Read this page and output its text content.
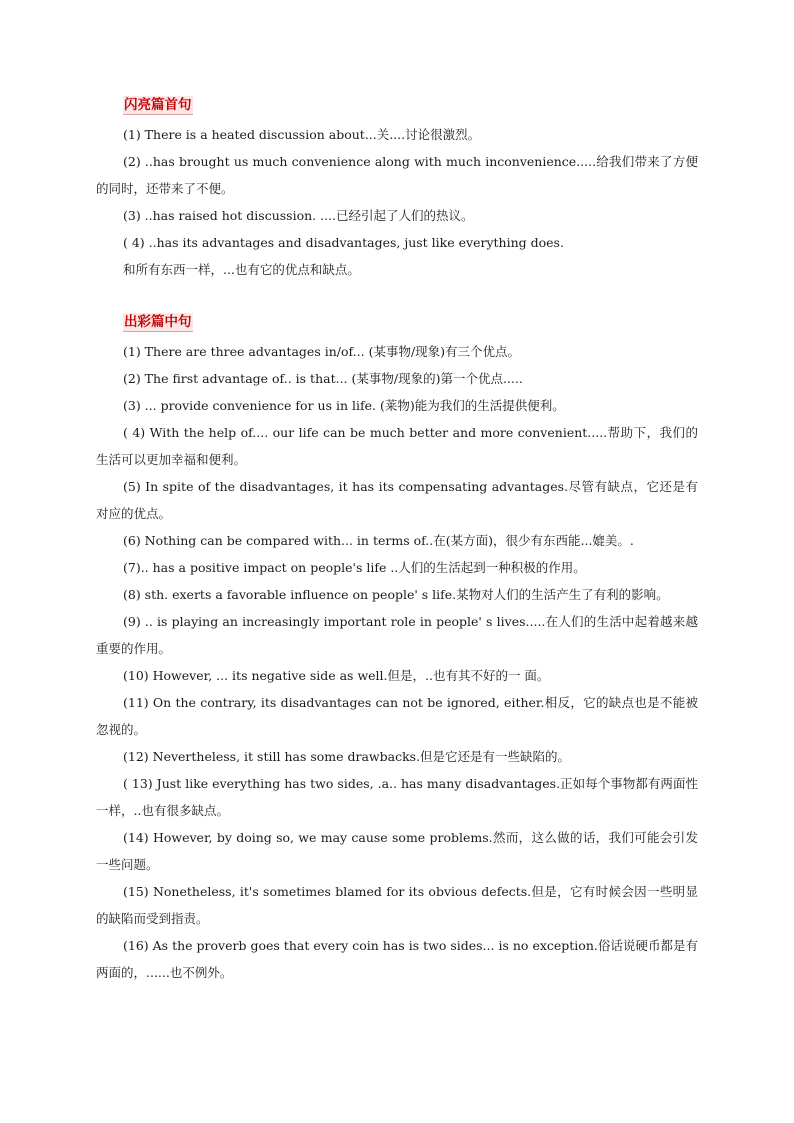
闪亮篇首句

(1) There is a heated discussion about...关....讨论很激烈。

(2) ..has brought us much convenience along with much inconvenience.....给我们带来了方便的同时，还带来了不便。

(3) ..has raised hot discussion. ....已经引起了人们的热议。

( 4) ..has its advantages and disadvantages, just like everything does.

和所有东西一样，...也有它的优点和缺点。

出彩篇中句

(1) There are three advantages in/of... (某事物/现象)有三个优点。

(2) The first advantage of.. is that... (某事物/现象的)第一个优点.....

(3) ... provide convenience for us in life. (莱物)能为我们的生活提供便利。

( 4) With the help of.... our life can be much better and more convenient.....帮助下，我们的生活可以更加幸福和便利。

(5) In spite of the disadvantages, it has its compensating advantages.尽管有缺点，它还是有对应的优点。

(6) Nothing can be compared with... in terms of..在(某方面)，很少有东西能...媲美。.

(7).. has a positive impact on people's life ..人们的生活起到一种积极的作用。

(8) sth. exerts a favorable influence on people' s life.某物对人们的生活产生了有利的影响。

(9) .. is playing an increasingly important role in people' s lives.....在人们的生活中起着越来越重要的作用。

(10) However, ... its negative side as well.但是，..也有其不好的一 面。

(11) On the contrary, its disadvantages can not be ignored, either.相反，它的缺点也是不能被忽视的。

(12) Nevertheless, it still has some drawbacks.但是它还是有一些缺陷的。

( 13) Just like everything has two sides, .a.. has many disadvantages.正如每个事物都有两面性一样，..也有很多缺点。

(14) However, by doing so, we may cause some problems.然而，这么做的话，我们可能会引发一些问题。

(15) Nonetheless, it's sometimes blamed for its obvious defects.但是，它有时候会因一些明显的缺陷而受到指责。

(16) As the proverb goes that every coin has is two sides... is no exception.俗话说硬币都是有两面的，......也不例外。
